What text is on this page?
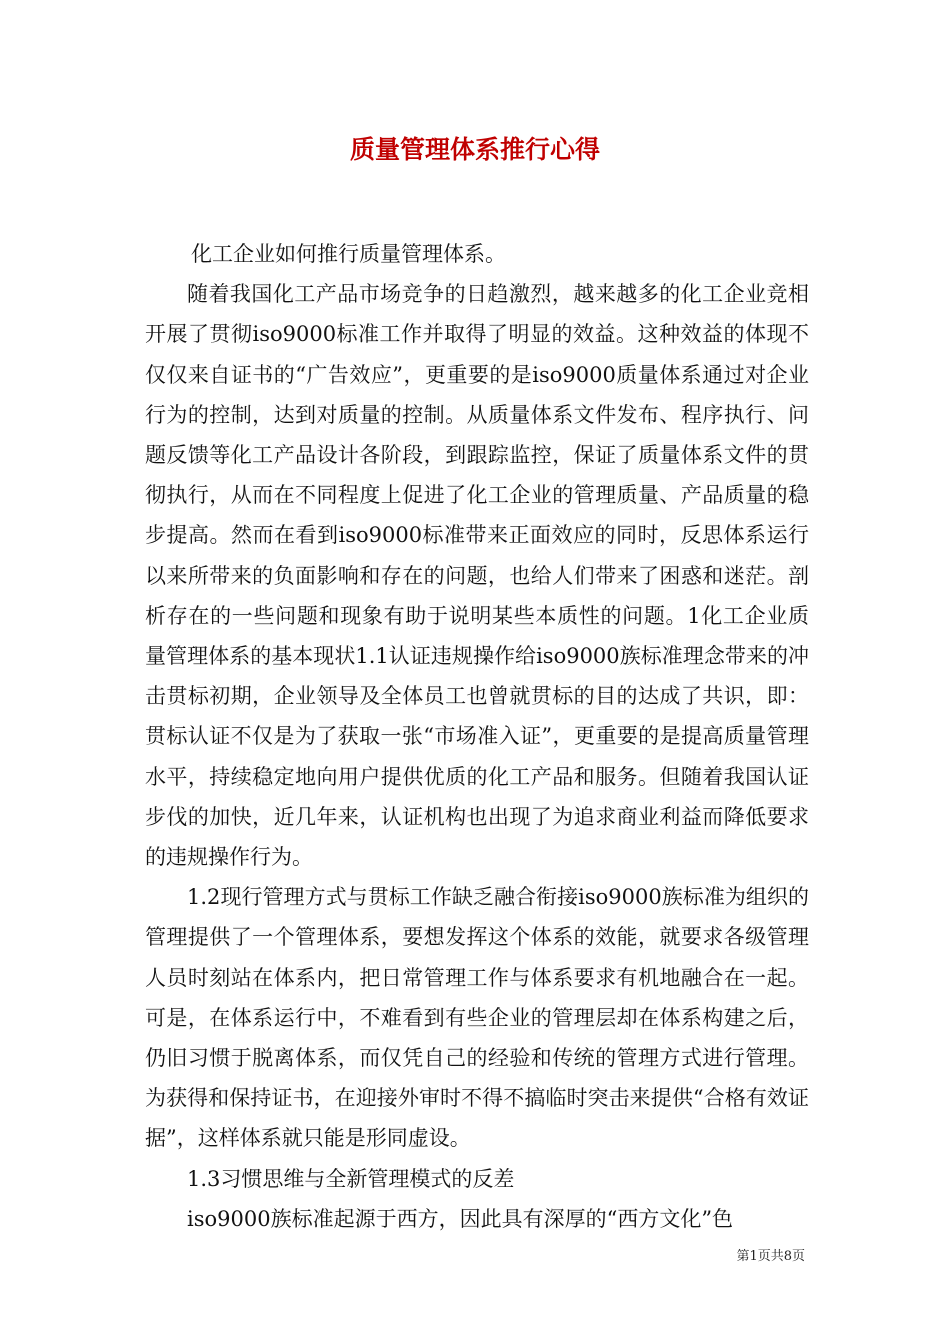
质量管理体系推行心得

化工企业如何推行质量管理体系。

随着我国化工产品市场竞争的日趋激烈，越来越多的化工企业竞相开展了贯彻iso9000标准工作并取得了明显的效益。这种效益的体现不仅仅来自证书的“广告效应”，更重要的是iso9000质量体系通过对企业行为的控制，达到对质量的控制。从质量体系文件发布、程序执行、问题反馈等化工产品设计各阶段，到跟踪监控，保证了质量体系文件的贯彻执行，从而在不同程度上促进了化工企业的管理质量、产品质量的稳步提高。然而在看到iso9000标准带来正面效应的同时，反思体系运行以来所带来的负面影响和存在的问题，也给人们带来了困惑和迷茫。剖析存在的一些问题和现象有助于说明某些本质性的问题。1化工企业质量管理体系的基本现状1.1认证违规操作给iso9000族标准理念带来的冲击贯标初期，企业领导及全体员工也曾就贯标的目的达成了共识，即：贯标认证不仅是为了获取一张“市场准入证”，更重要的是提高质量管理水平，持续稳定地向用户提供优质的化工产品和服务。但随着我国认证步伐的加快，近几年来，认证机构也出现了为追求商业利益而降低要求的违规操作行为。

1.2现行管理方式与贯标工作缺乏融合衔接iso9000族标准为组织的管理提供了一个管理体系，要想发挥这个体系的效能，就要求各级管理人员时刻站在体系内，把日常管理工作与体系要求有机地融合在一起。可是，在体系运行中，不难看到有些企业的管理层却在体系构建之后，仍旧习惯于脱离体系，而仅凭自己的经验和传统的管理方式进行管理。为获得和保持证书，在迎接外审时不得不搞临时突击来提供“合格有效证据”，这样体系就只能是形同虚设。

1.3习惯思维与全新管理模式的反差

iso9000族标准起源于西方，因此具有深厚的“西方文化”色

第1页共8页
